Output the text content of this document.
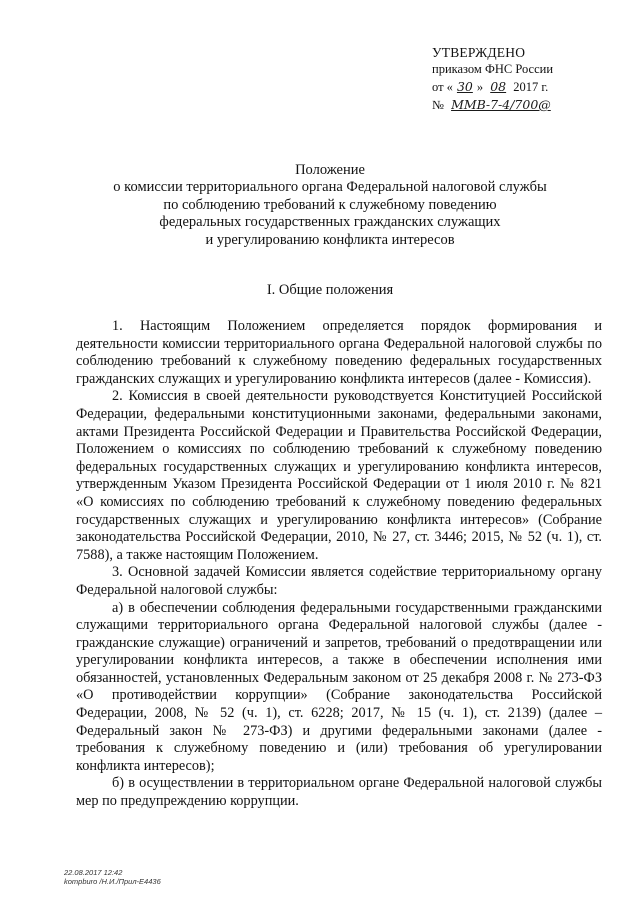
УТВЕРЖДЕНО
приказом ФНС России
от « 30 » 08 2017 г.
№ ММВ-7-4/700@
Положение
о комиссии территориального органа Федеральной налоговой службы
по соблюдению требований к служебному поведению
федеральных государственных гражданских служащих
и урегулированию конфликта интересов
I. Общие положения

1. Настоящим Положением определяется порядок формирования и деятельности комиссии территориального органа Федеральной налоговой службы по соблюдению требований к служебному поведению федеральных государственных гражданских служащих и урегулированию конфликта интересов (далее - Комиссия).

2. Комиссия в своей деятельности руководствуется Конституцией Российской Федерации, федеральными конституционными законами, федеральными законами, актами Президента Российской Федерации и Правительства Российской Федерации, Положением о комиссиях по соблюдению требований к служебному поведению федеральных государственных служащих и урегулированию конфликта интересов, утвержденным Указом Президента Российской Федерации от 1 июля 2010 г. № 821 «О комиссиях по соблюдению требований к служебному поведению федеральных государственных служащих и урегулированию конфликта интересов» (Собрание законодательства Российской Федерации, 2010, № 27, ст. 3446; 2015, № 52 (ч. 1), ст. 7588), а также настоящим Положением.

3. Основной задачей Комиссии является содействие территориальному органу Федеральной налоговой службы:

а) в обеспечении соблюдения федеральными государственными гражданскими служащими территориального органа Федеральной налоговой службы (далее - гражданские служащие) ограничений и запретов, требований о предотвращении или урегулировании конфликта интересов, а также в обеспечении исполнения ими обязанностей, установленных Федеральным законом от 25 декабря 2008 г. № 273-ФЗ «О противодействии коррупции» (Собрание законодательства Российской Федерации, 2008, № 52 (ч. 1), ст. 6228; 2017, № 15 (ч. 1), ст. 2139) (далее – Федеральный закон № 273-ФЗ) и другими федеральными законами (далее - требования к служебному поведению и (или) требования об урегулировании конфликта интересов);

б) в осуществлении в территориальном органе Федеральной налоговой службы мер по предупреждению коррупции.

22.08.2017 12:42
kompburo /Н.И./Прил-Е4436
